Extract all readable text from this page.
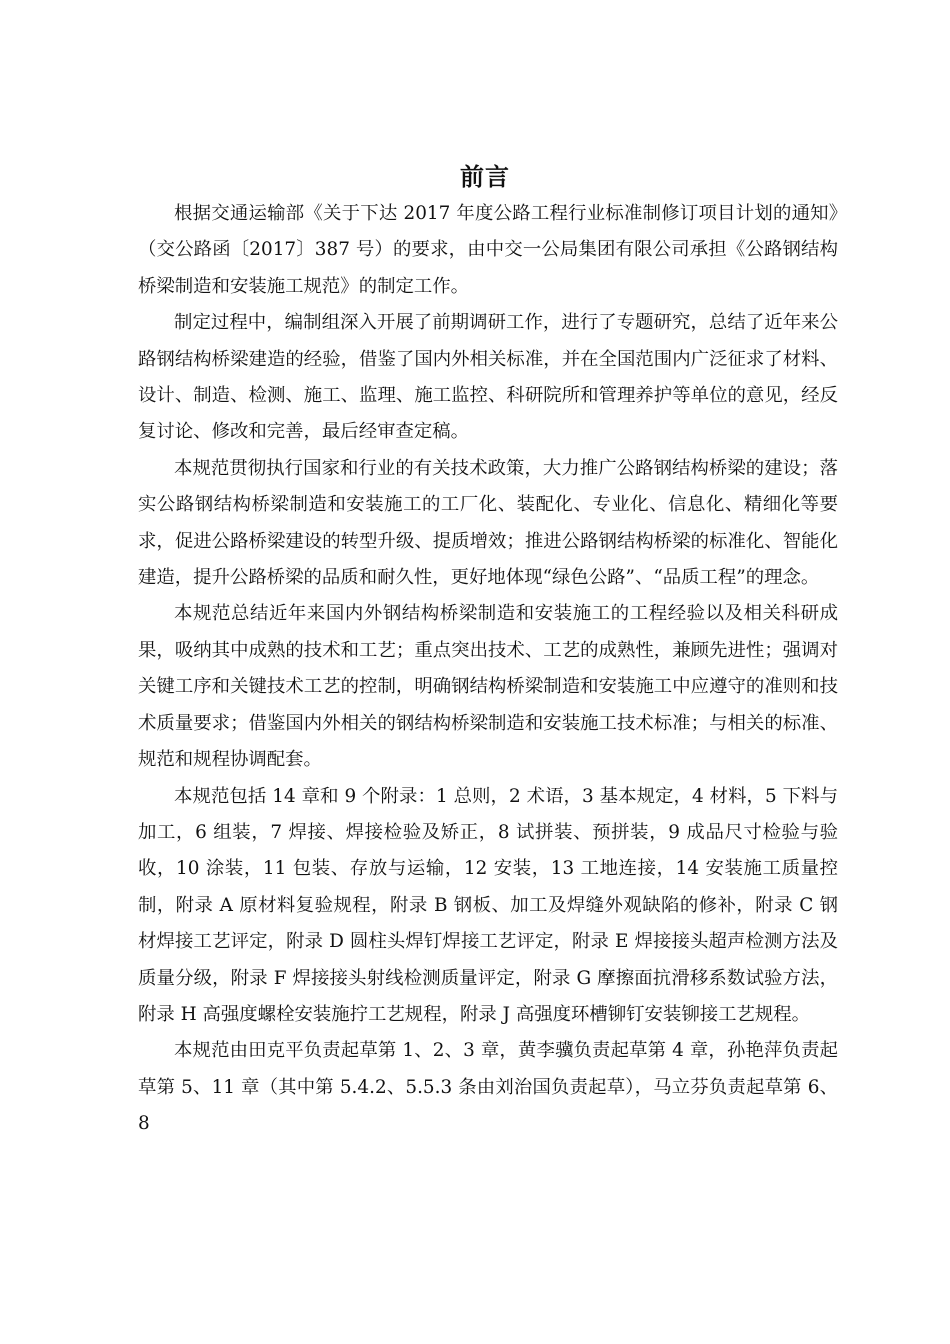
前言

根据交通运输部《关于下达 2017 年度公路工程行业标准制修订项目计划的通知》（交公路函〔2017〕387 号）的要求，由中交一公局集团有限公司承担《公路钢结构桥梁制造和安装施工规范》的制定工作。

制定过程中，编制组深入开展了前期调研工作，进行了专题研究，总结了近年来公路钢结构桥梁建造的经验，借鉴了国内外相关标准，并在全国范围内广泛征求了材料、设计、制造、检测、施工、监理、施工监控、科研院所和管理养护等单位的意见，经反复讨论、修改和完善，最后经审查定稿。

本规范贯彻执行国家和行业的有关技术政策，大力推广公路钢结构桥梁的建设；落实公路钢结构桥梁制造和安装施工的工厂化、装配化、专业化、信息化、精细化等要求，促进公路桥梁建设的转型升级、提质增效；推进公路钢结构桥梁的标准化、智能化建造，提升公路桥梁的品质和耐久性，更好地体现“绿色公路”、“品质工程”的理念。

本规范总结近年来国内外钢结构桥梁制造和安装施工的工程经验以及相关科研成果，吸纳其中成熟的技术和工艺；重点突出技术、工艺的成熟性，兼顾先进性；强调对关键工序和关键技术工艺的控制，明确钢结构桥梁制造和安装施工中应遵守的准则和技术质量要求；借鉴国内外相关的钢结构桥梁制造和安装施工技术标准；与相关的标准、规范和规程协调配套。

本规范包括 14 章和 9 个附录：1 总则，2 术语，3 基本规定，4 材料，5 下料与加工，6 组装，7 焊接、焊接检验及矫正，8 试拼装、预拼装，9 成品尺寸检验与验收，10 涂装，11 包装、存放与运输，12 安装，13 工地连接，14 安装施工质量控制，附录 A 原材料复验规程，附录 B 钢板、加工及焊缝外观缺陷的修补，附录 C 钢材焊接工艺评定，附录 D 圆柱头焊钉焊接工艺评定，附录 E 焊接接头超声检测方法及质量分级，附录 F 焊接接头射线检测质量评定，附录 G 摩擦面抗滑移系数试验方法，附录 H 高强度螺栓安装施拧工艺规程，附录 J 高强度环槽铆钉安装铆接工艺规程。

本规范由田克平负责起草第 1、2、3 章，黄李骥负责起草第 4 章，孙艳萍负责起草第 5、11 章（其中第 5.4.2、5.5.3 条由刘治国负责起草），马立芬负责起草第 6、8
